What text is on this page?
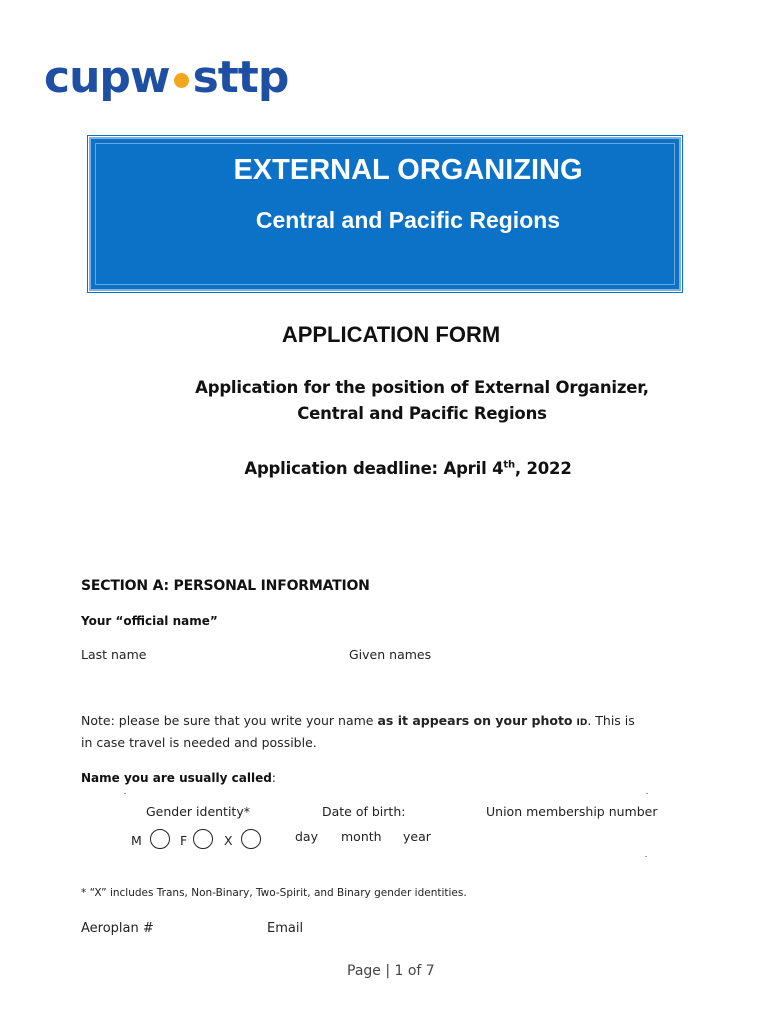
cupw sttp
EXTERNAL ORGANIZING
Central and Pacific Regions
APPLICATION FORM
Application for the position of External Organizer,
Central and Pacific Regions
Application deadline: April 4th, 2022
SECTION A: PERSONAL INFORMATION
Your “official name”
Last name	Given names
Note: please be sure that you write your name as it appears on your photo ID. This is in case travel is needed and possible.
Name you are usually called:
Gender identity*	Date of birth:	Union membership number
M	F	X	day month year
* “X” includes Trans, Non-Binary, Two-Spirit, and Binary gender identities.
Aeroplan #	Email
Page | 1 of 7
